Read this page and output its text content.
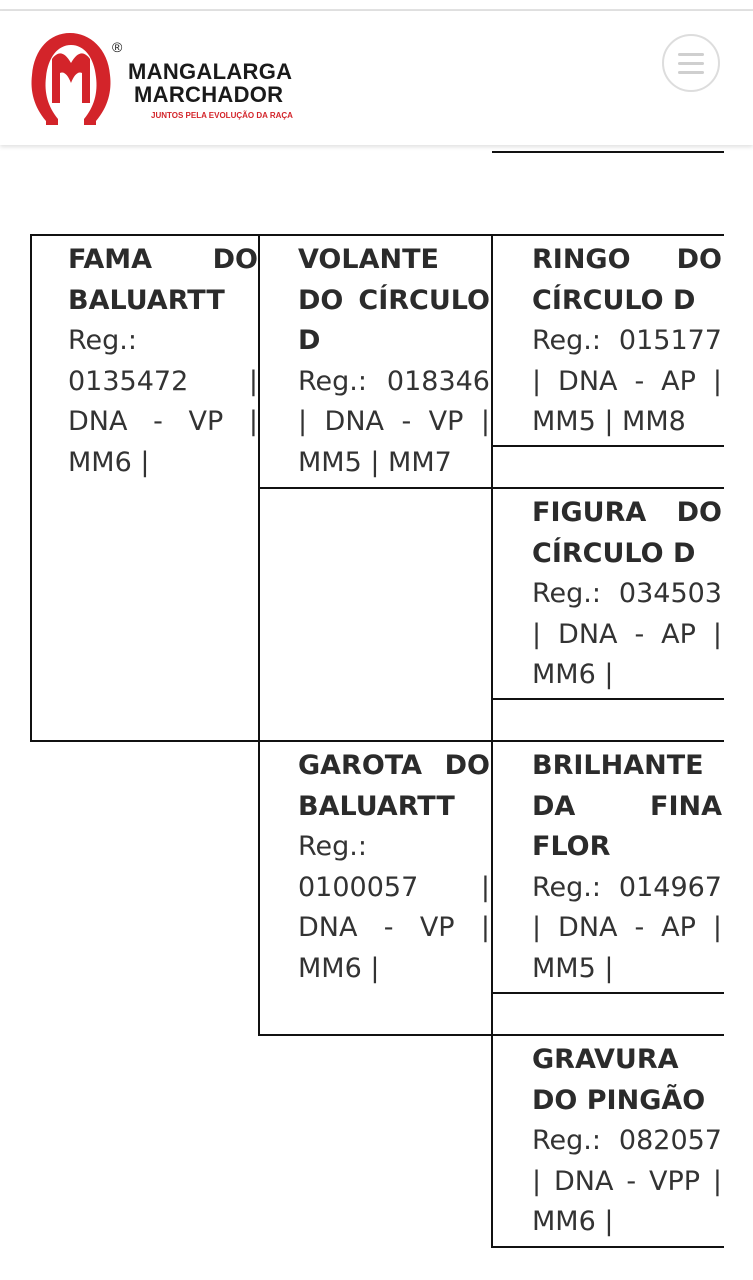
®
MANGALARGA
MARCHADOR
JUNTOS PELA EVOLUÇÃO DA RAÇA
FAMA DO BALUARTT
Reg.: 0135472 | DNA - VP | MM6 |
VOLANTE DO CÍRCULO D
Reg.: 018346 | DNA - VP | MM5 | MM7
GAROTA DO BALUARTT
Reg.: 0100057 | DNA - VP | MM6 |
RINGO DO CÍRCULO D
Reg.: 015177 | DNA - AP | MM5 | MM8
FIGURA DO CÍRCULO D
Reg.: 034503 | DNA - AP | MM6 |
BRILHANTE DA FINA FLOR
Reg.: 014967 | DNA - AP | MM5 |
GRAVURA DO PINGÃO
Reg.: 082057 | DNA - VPP | MM6 |
